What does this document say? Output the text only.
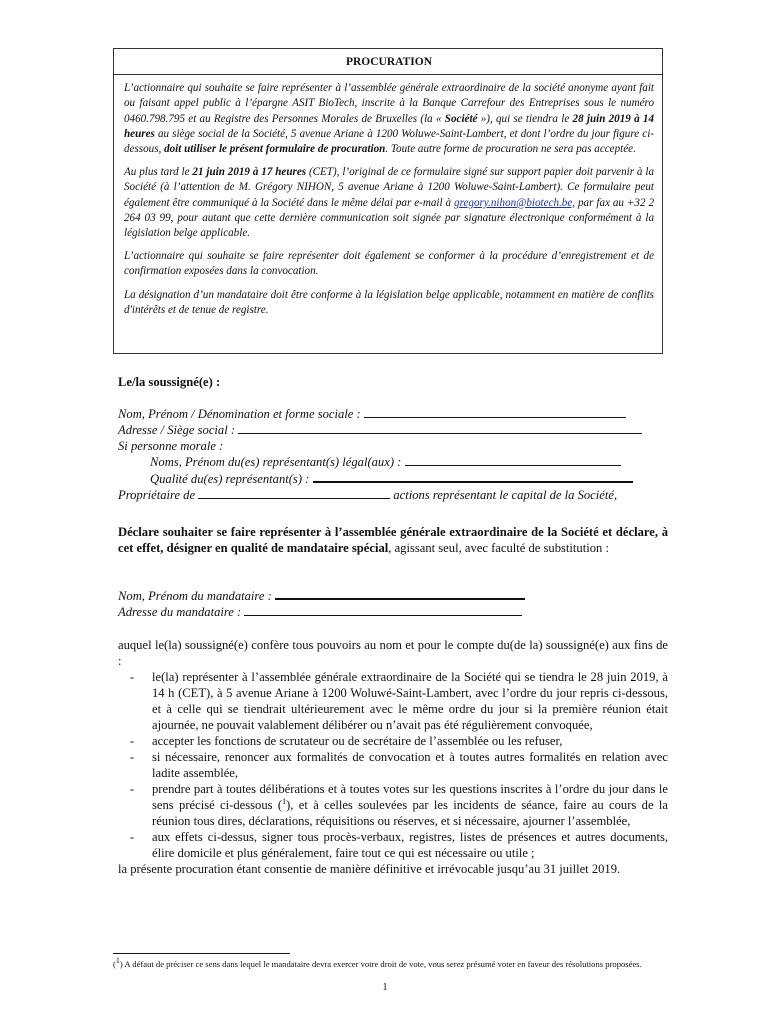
PROCURATION

L’actionnaire qui souhaite se faire représenter à l’assemblée générale extraordinaire de la société anonyme ayant fait ou faisant appel public à l’épargne ASIT BioTech, inscrite à la Banque Carrefour des Entreprises sous le numéro 0460.798.795 et au Registre des Personnes Morales de Bruxelles (la « Société »), qui se tiendra le 28 juin 2019 à 14 heures au siège social de la Société, 5 avenue Ariane à 1200 Woluwe-Saint-Lambert, et dont l’ordre du jour figure ci-dessous, doit utiliser le présent formulaire de procuration. Toute autre forme de procuration ne sera pas acceptée.

Au plus tard le 21 juin 2019 à 17 heures (CET), l’original de ce formulaire signé sur support papier doit parvenir à la Société (à l’attention de M. Grégory NIHON, 5 avenue Ariane à 1200 Woluwe-Saint-Lambert). Ce formulaire peut également être communiqué à la Société dans le même délai par e-mail à gregory.nihon@biotech.be, par fax au +32 2 264 03 99, pour autant que cette dernière communication soit signée par signature électronique conformément à la législation belge applicable.

L’actionnaire qui souhaite se faire représenter doit également se conformer à la procédure d’enregistrement et de confirmation exposées dans la convocation.

La désignation d’un mandataire doit être conforme à la législation belge applicable, notamment en matière de conflits d'intérêts et de tenue de registre.

Le/la soussigné(e) :
Nom, Prénom / Dénomination et forme sociale :
Adresse / Siège social :
Si personne morale :
Noms, Prénom du(es) représentant(s) légal(aux) :
Qualité du(es) représentant(s) :
Propriétaire de	actions représentant le capital de la Société,
Déclare souhaiter se faire représenter à l’assemblée générale extraordinaire de la Société et déclare, à cet effet, désigner en qualité de mandataire spécial, agissant seul, avec faculté de substitution :
Nom, Prénom du mandataire :
Adresse du mandataire :

auquel le(la) soussigné(e) confère tous pouvoirs au nom et pour le compte du(de la) soussigné(e) aux fins de :

- le(la) représenter à l’assemblée générale extraordinaire de la Société qui se tiendra le 28 juin 2019, à 14 h (CET), à 5 avenue Ariane à 1200 Woluwé-Saint-Lambert, avec l’ordre du jour repris ci-dessous, et à celle qui se tiendrait ultérieurement avec le même ordre du jour si la première réunion était ajournée, ne pouvait valablement délibérer ou n’avait pas été régulièrement convoquée,
- accepter les fonctions de scrutateur ou de secrétaire de l’assemblée ou les refuser,
- si nécessaire, renoncer aux formalités de convocation et à toutes autres formalités en relation avec ladite assemblée,
- prendre part à toutes délibérations et à toutes votes sur les questions inscrites à l’ordre du jour dans le sens précisé ci-dessous ($^1$), et à celles soulevées par les incidents de séance, faire au cours de la réunion tous dires, déclarations, réquisitions ou réserves, et si nécessaire, ajourner l’assemblée,
- aux effets ci-dessus, signer tous procès-verbaux, registres, listes de présences et autres documents, élire domicile et plus généralement, faire tout ce qui est nécessaire ou utile ;

la présente procuration étant consentie de manière définitive et irrévocable jusqu’au 31 juillet 2019.

($^1$) A défaut de préciser ce sens dans lequel le mandataire devra exercer votre droit de vote, vous serez présumé voter en faveur des résolutions proposées.
1
